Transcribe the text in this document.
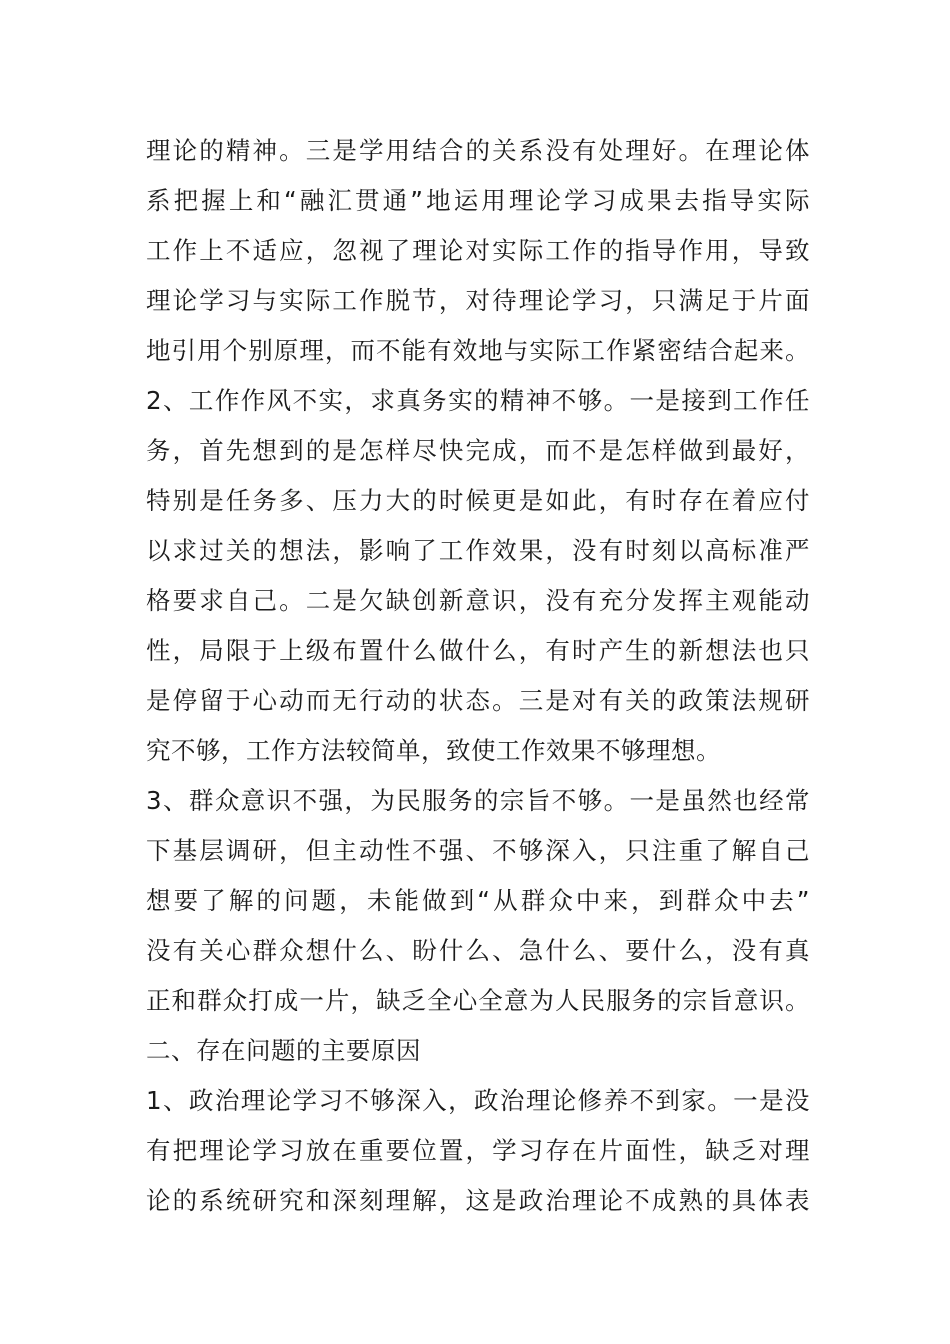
理论的精神。三是学用结合的关系没有处理好。在理论体
系把握上和“融汇贯通”地运用理论学习成果去指导实际
工作上不适应，忽视了理论对实际工作的指导作用，导致
理论学习与实际工作脱节，对待理论学习，只满足于片面
地引用个别原理，而不能有效地与实际工作紧密结合起来。
2、工作作风不实，求真务实的精神不够。一是接到工作任
务，首先想到的是怎样尽快完成，而不是怎样做到最好，
特别是任务多、压力大的时候更是如此，有时存在着应付
以求过关的想法，影响了工作效果，没有时刻以高标准严
格要求自己。二是欠缺创新意识，没有充分发挥主观能动
性，局限于上级布置什么做什么，有时产生的新想法也只
是停留于心动而无行动的状态。三是对有关的政策法规研
究不够，工作方法较简单，致使工作效果不够理想。
3、群众意识不强，为民服务的宗旨不够。一是虽然也经常
下基层调研，但主动性不强、不够深入，只注重了解自己
想要了解的问题，未能做到“从群众中来，到群众中去”
没有关心群众想什么、盼什么、急什么、要什么，没有真
正和群众打成一片，缺乏全心全意为人民服务的宗旨意识。
二、存在问题的主要原因
1、政治理论学习不够深入，政治理论修养不到家。一是没
有把理论学习放在重要位置，学习存在片面性，缺乏对理
论的系统研究和深刻理解，这是政治理论不成熟的具体表
